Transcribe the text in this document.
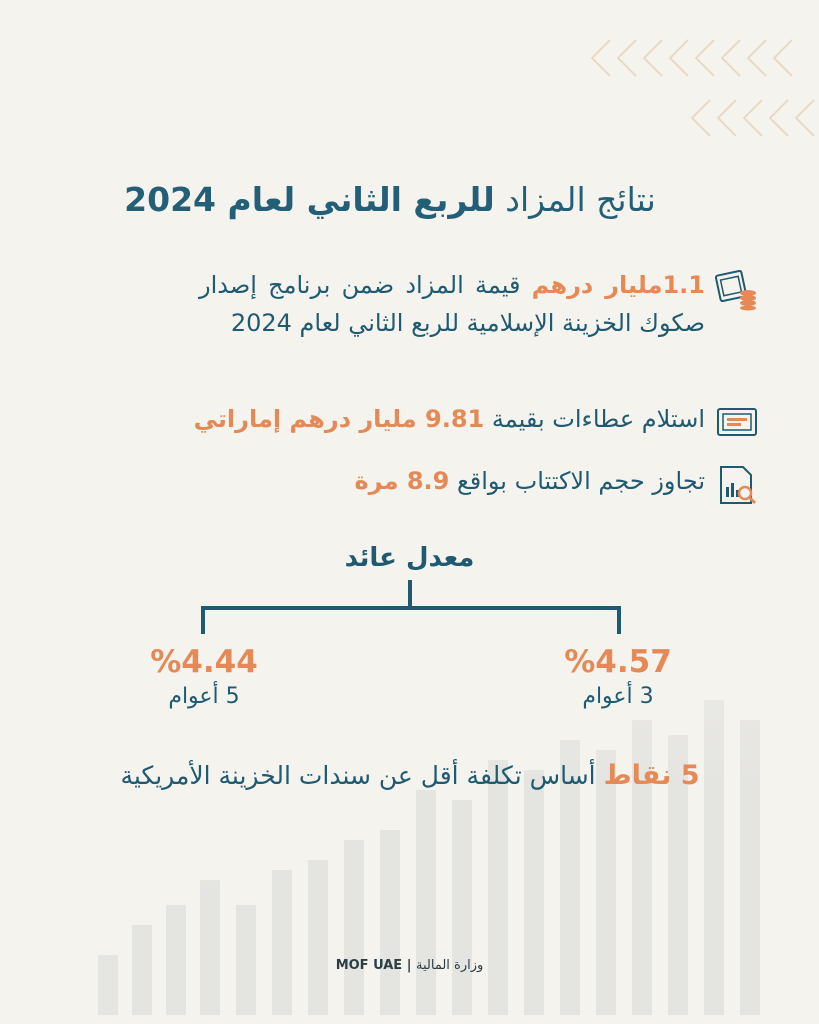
نتائج المزاد للربع الثاني لعام 2024
1.1مليار درهم قيمة المزاد ضمن برنامج إصدار صكوك الخزينة الإسلامية للربع الثاني لعام 2024
استلام عطاءات بقيمة 9.81 مليار درهم إماراتي
تجاوز حجم الاكتتاب بواقع 8.9 مرة
معدل عائد
%4.57
3 أعوام
%4.44
5 أعوام
5 نقاط أساس تكلفة أقل عن سندات الخزينة الأمريكية
MOF UAE | وزارة المالية
